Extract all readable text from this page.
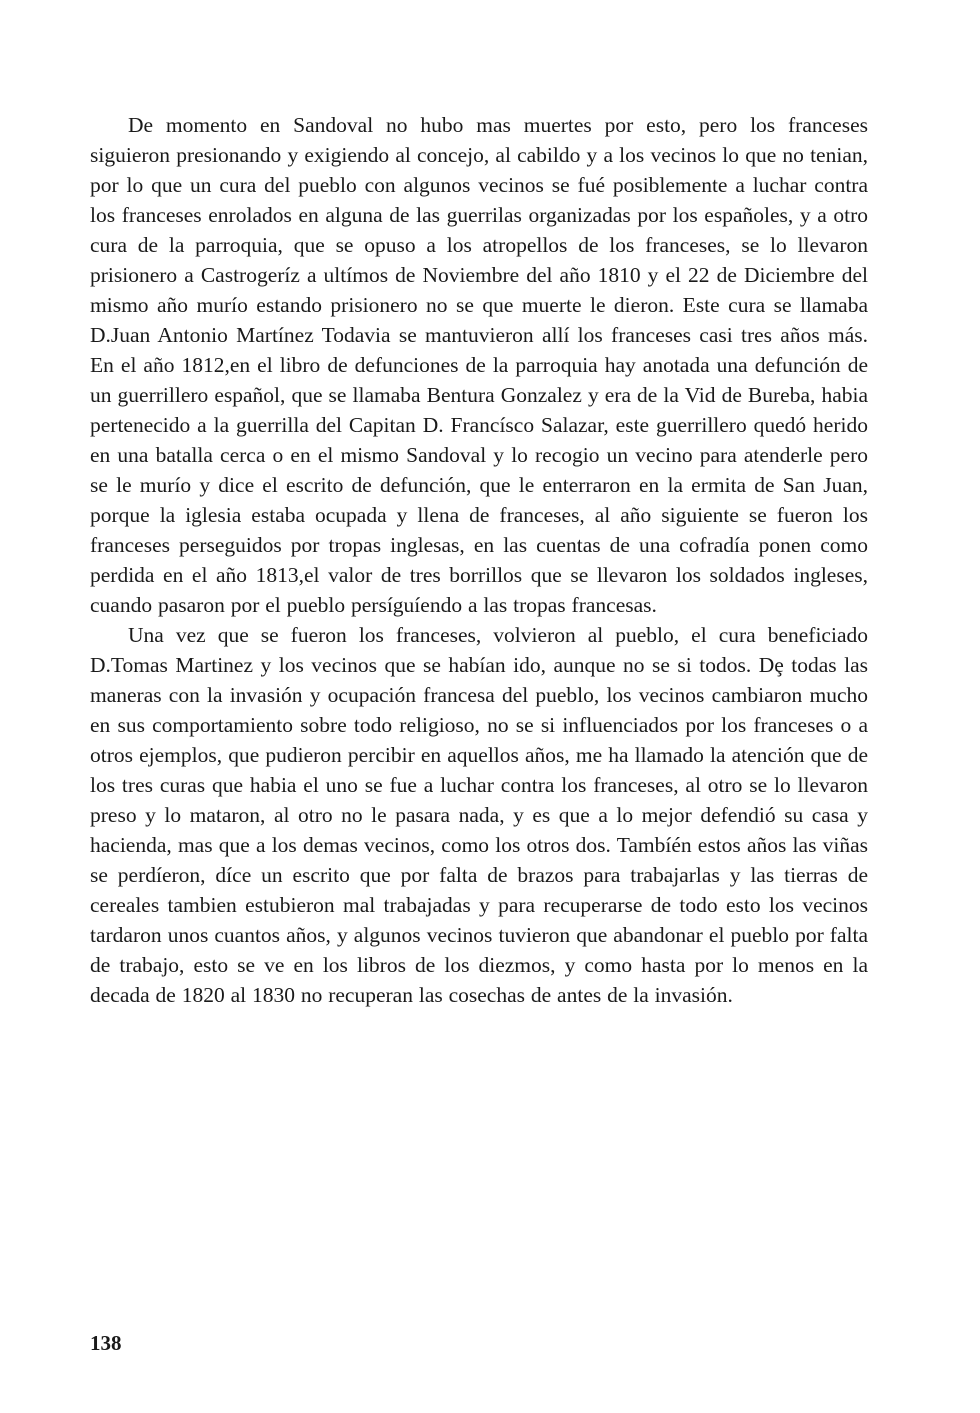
De momento en Sandoval no hubo mas muertes por esto, pero los franceses siguieron presionando y exigiendo al concejo, al cabildo y a los vecinos lo que no tenian, por lo que un cura del pueblo con algunos vecinos se fué posiblemente a luchar contra los franceses enrolados en alguna de las guerrilas organizadas por los españoles, y a otro cura de la parroquia, que se opuso a los atropellos de los franceses, se lo llevaron prisionero a Castrogeríz a ultímos de Noviembre del año 1810 y el 22 de Diciembre del mismo año murío estando prisionero no se que muerte le dieron. Este cura se llamaba D.Juan Antonio Martínez Todavia se mantuvieron allí los franceses casi tres años más. En el año 1812,en el libro de defunciones de la parroquia hay anotada una defunción de un guerrillero español, que se llamaba Bentura Gonzalez y era de la Vid de Bureba, habia pertenecido a la guerrilla del Capitan D. Francísco Salazar, este guerrillero quedó herido en una batalla cerca o en el mismo Sandoval y lo recogio un vecino para atenderle pero se le murío y dice el escrito de defunción, que le enterraron en la ermita de San Juan, porque la iglesia estaba ocupada y llena de franceses, al año siguiente se fueron los franceses perseguidos por tropas inglesas, en las cuentas de una cofradía ponen como perdida en el año 1813,el valor de tres borrillos que se llevaron los soldados ingleses, cuando pasaron por el pueblo persíguíendo a las tropas francesas.

Una vez que se fueron los franceses, volvieron al pueblo, el cura beneficiado D.Tomas Martinez y los vecinos que se habían ido, aunque no se si todos. Dȩ todas las maneras con la invasión y ocupación francesa del pueblo, los vecinos cambiaron mucho en sus comportamiento sobre todo religioso, no se si influenciados por los franceses o a otros ejemplos, que pudieron percibir en aquellos años, me ha llamado la atención que de los tres curas que habia el uno se fue a luchar contra los franceses, al otro se lo llevaron preso y lo mataron, al otro no le pasara nada, y es que a lo mejor defendió su casa y hacienda, mas que a los demas vecinos, como los otros dos. Tambíén estos años las viñas se perdíeron, díce un escrito que por falta de brazos para trabajarlas y las tierras de cereales tambien estubieron mal trabajadas y para recuperarse de todo esto los vecinos tardaron unos cuantos años, y algunos vecinos tuvieron que abandonar el pueblo por falta de trabajo, esto se ve en los libros de los diezmos, y como hasta por lo menos en la decada de 1820 al 1830 no recuperan las cosechas de antes de la invasión.

138
